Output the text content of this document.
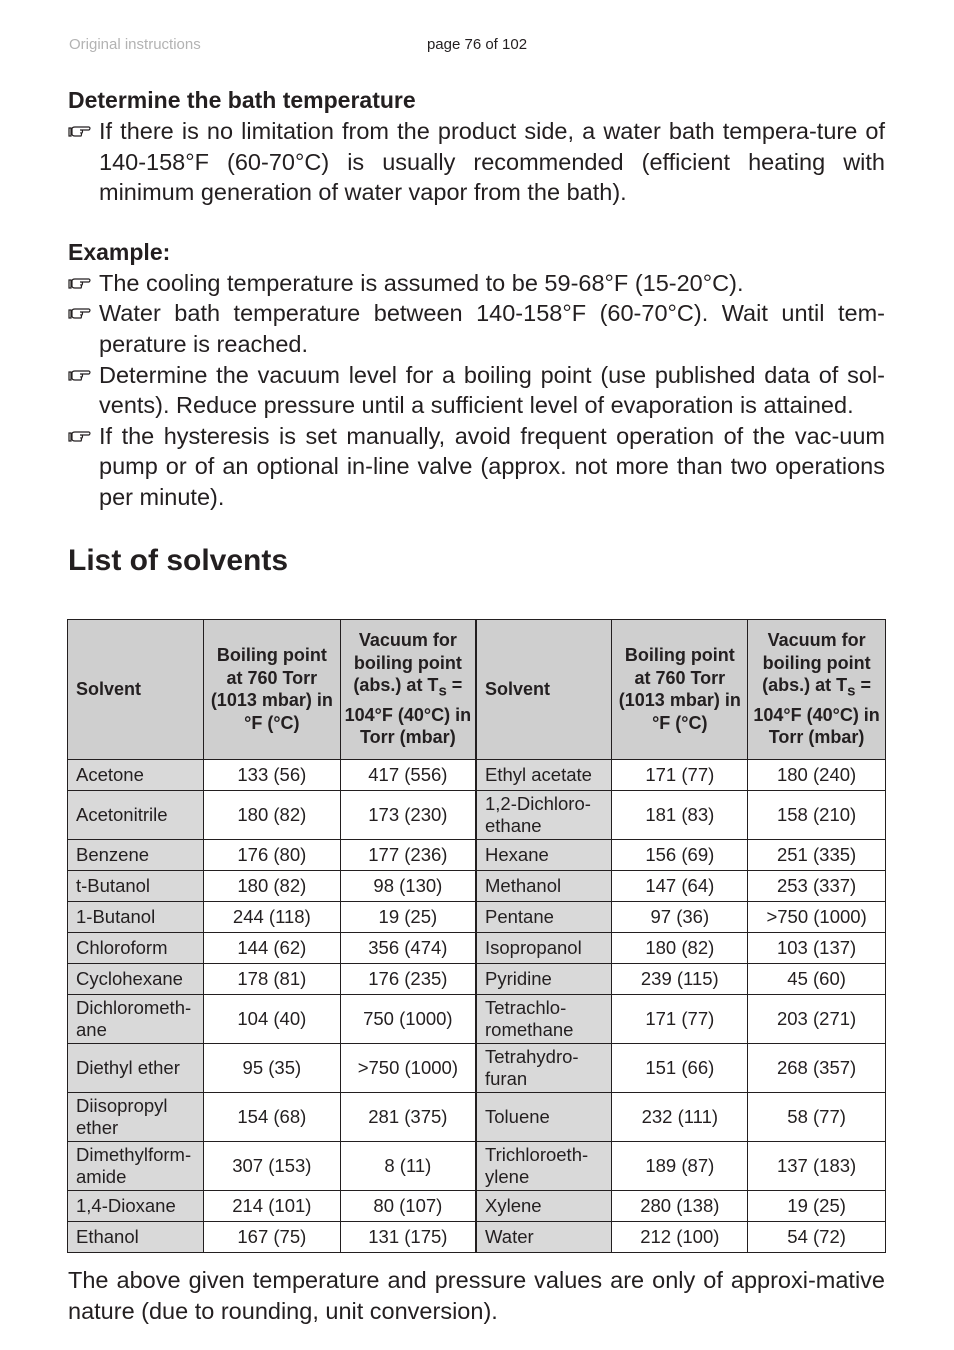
Original instructions	page 76 of 102
Determine the bath temperature
If there is no limitation from the product side, a water bath tempera-ture of 140-158°F (60-70°C) is usually recommended (efficient heating with minimum generation of water vapor from the bath).
Example:
The cooling temperature is assumed to be 59-68°F (15-20°C).
Water bath temperature between 140-158°F (60-70°C). Wait until tem-perature is reached.
Determine the vacuum level for a boiling point (use published data of sol-vents). Reduce pressure until a sufficient level of evaporation is attained.
If the hysteresis is set manually, avoid frequent operation of the vac-uum pump or of an optional in-line valve (approx. not more than two operations per minute).
List of solvents
Solvent	Boiling point at 760 Torr (1013 mbar) in °F (°C)	Vacuum for boiling point (abs.) at $T_s = 104^\circ F$ (40°C) in Torr (mbar)	Solvent	Boiling point at 760 Torr (1013 mbar) in °F (°C)	Vacuum for boiling point (abs.) at $T_s = 104^\circ F$ (40°C) in Torr (mbar)
Acetone	133 (56)	417 (556)	Ethyl acetate	171 (77)	180 (240)
Acetonitrile	180 (82)	173 (230)	1,2-Dichloro-ethane	181 (83)	158 (210)
Benzene	176 (80)	177 (236)	Hexane	156 (69)	251 (335)
t-Butanol	180 (82)	98 (130)	Methanol	147 (64)	253 (337)
1-Butanol	244 (118)	19 (25)	Pentane	97 (36)	>750 (1000)
Chloroform	144 (62)	356 (474)	Isopropanol	180 (82)	103 (137)
Cyclohexane	178 (81)	176 (235)	Pyridine	239 (115)	45 (60)
Dichlorometh-ane	104 (40)	750 (1000)	Tetrachlo-romethane	171 (77)	203 (271)
Diethyl ether	95 (35)	>750 (1000)	Tetrahydro-furan	151 (66)	268 (357)
Diisopropyl ether	154 (68)	281 (375)	Toluene	232 (111)	58 (77)
Dimethylform-amide	307 (153)	8 (11)	Trichloroeth-ylene	189 (87)	137 (183)
1,4-Dioxane	214 (101)	80 (107)	Xylene	280 (138)	19 (25)
Ethanol	167 (75)	131 (175)	Water	212 (100)	54 (72)

The above given temperature and pressure values are only of approxi-mative nature (due to rounding, unit conversion).
